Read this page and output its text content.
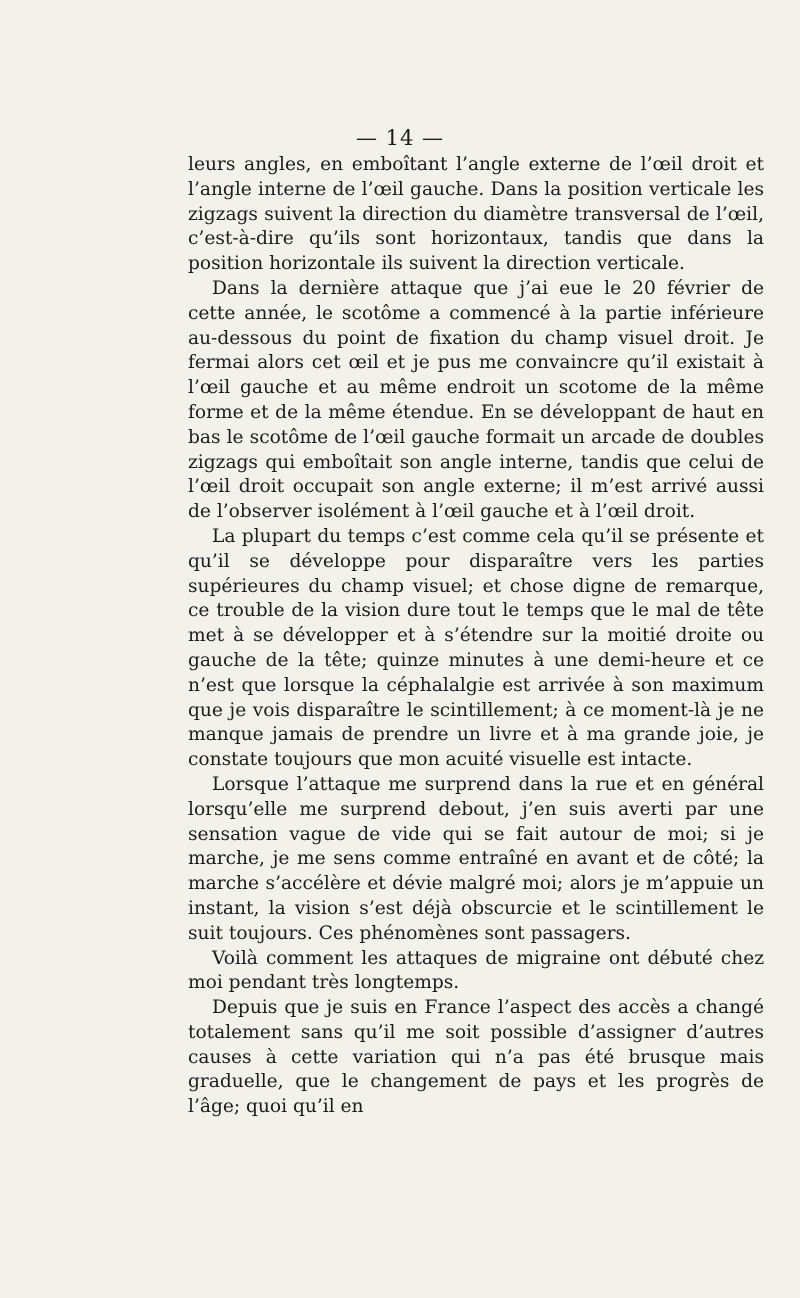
— 14 —

leurs angles, en emboîtant l’angle externe de l’œil droit et l’angle interne de l’œil gauche. Dans la position verticale les zigzags suivent la direction du diamètre transversal de l’œil, c’est-à-dire qu’ils sont horizontaux, tandis que dans la position horizontale ils suivent la direction verticale.

Dans la dernière attaque que j’ai eue le 20 février de cette année, le scotôme a commencé à la partie inférieure au-dessous du point de fixation du champ visuel droit. Je fermai alors cet œil et je pus me convaincre qu’il existait à l’œil gauche et au même endroit un scotome de la même forme et de la même étendue. En se développant de haut en bas le scotôme de l’œil gauche formait un arcade de doubles zigzags qui emboîtait son angle interne, tandis que celui de l’œil droit occupait son angle externe; il m’est arrivé aussi de l’observer isolément à l’œil gauche et à l’œil droit.

La plupart du temps c’est comme cela qu’il se présente et qu’il se développe pour disparaître vers les parties supérieures du champ visuel; et chose digne de remarque, ce trouble de la vision dure tout le temps que le mal de tête met à se développer et à s’étendre sur la moitié droite ou gauche de la tête; quinze minutes à une demi-heure et ce n’est que lorsque la céphalalgie est arrivée à son maximum que je vois disparaître le scintillement; à ce moment-là je ne manque jamais de prendre un livre et à ma grande joie, je constate toujours que mon acuité visuelle est intacte.

Lorsque l’attaque me surprend dans la rue et en général lorsqu’elle me surprend debout, j’en suis averti par une sensation vague de vide qui se fait autour de moi; si je marche, je me sens comme entraîné en avant et de côté; la marche s’accélère et dévie malgré moi; alors je m’appuie un instant, la vision s’est déjà obscurcie et le scintillement le suit toujours. Ces phénomènes sont passagers.

Voilà comment les attaques de migraine ont débuté chez moi pendant très longtemps.

Depuis que je suis en France l’aspect des accès a changé totalement sans qu’il me soit possible d’assigner d’autres causes à cette variation qui n’a pas été brusque mais graduelle, que le changement de pays et les progrès de l’âge; quoi qu’il en
